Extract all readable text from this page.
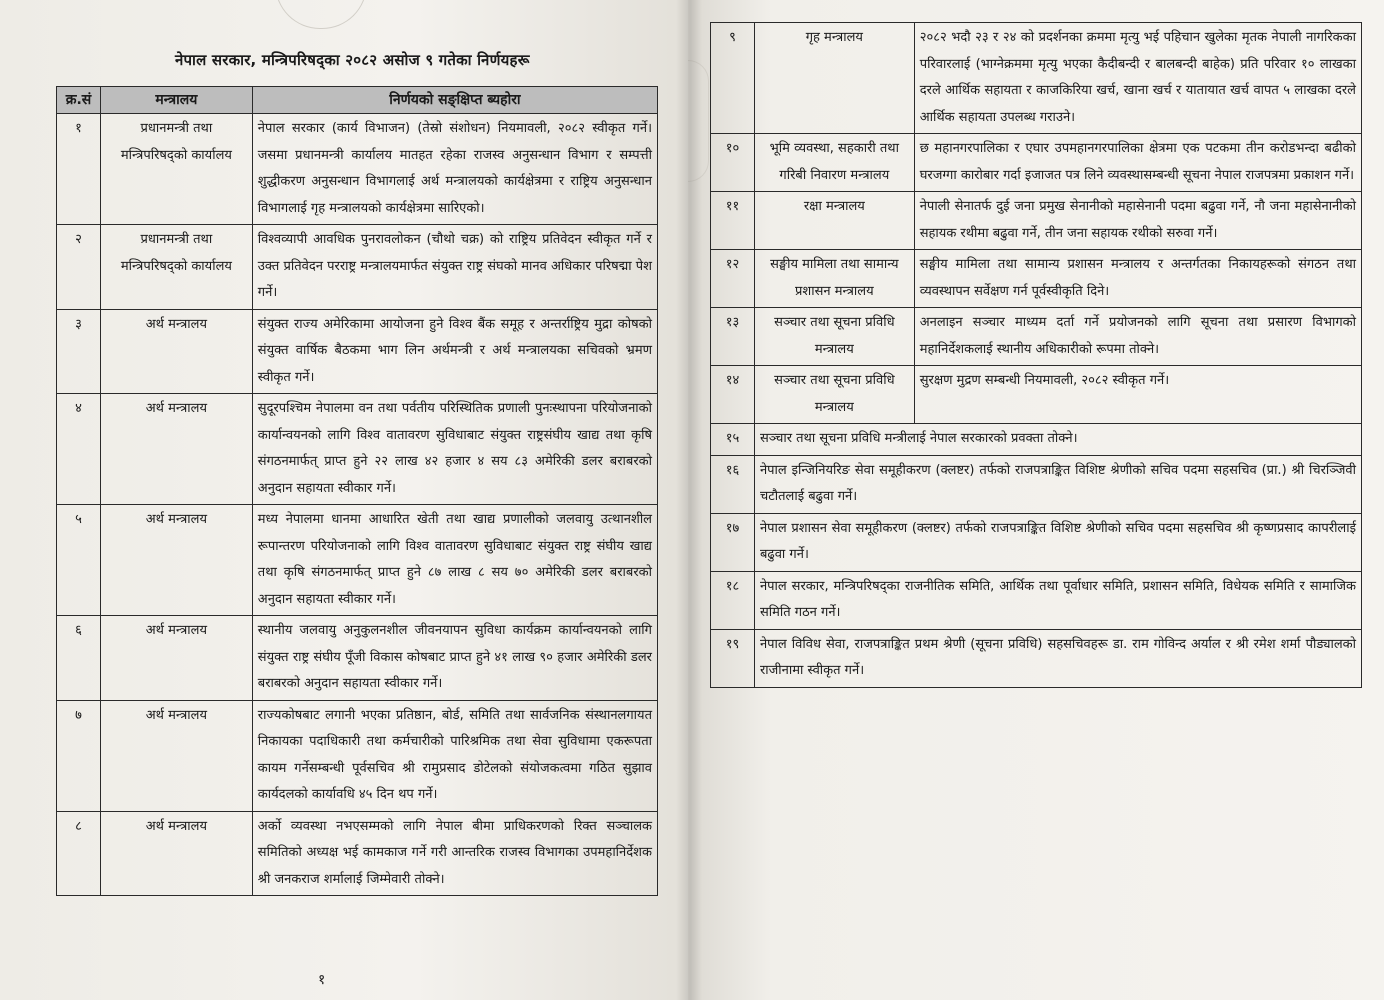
नेपाल सरकार, मन्त्रिपरिषद्का २०८२ असोज ९ गतेका निर्णयहरू
क्र.सं	मन्त्रालय	निर्णयको सङ्क्षिप्त ब्यहोरा
१	प्रधानमन्त्री तथा मन्त्रिपरिषद्को कार्यालय	नेपाल सरकार (कार्य विभाजन) (तेस्रो संशोधन) नियमावली, २०८२ स्वीकृत गर्ने। जसमा प्रधानमन्त्री कार्यालय मातहत रहेका राजस्व अनुसन्धान विभाग र सम्पत्ती शुद्धीकरण अनुसन्धान विभागलाई अर्थ मन्त्रालयको कार्यक्षेत्रमा र राष्ट्रिय अनुसन्धान विभागलाई गृह मन्त्रालयको कार्यक्षेत्रमा सारिएको।
२	प्रधानमन्त्री तथा मन्त्रिपरिषद्को कार्यालय	विश्वव्यापी आवधिक पुनरावलोकन (चौथो चक्र) को राष्ट्रिय प्रतिवेदन स्वीकृत गर्ने र उक्त प्रतिवेदन परराष्ट्र मन्त्रालयमार्फत संयुक्त राष्ट्र संघको मानव अधिकार परिषद्मा पेश गर्ने।
३	अर्थ मन्त्रालय	संयुक्त राज्य अमेरिकामा आयोजना हुने विश्व बैंक समूह र अन्तर्राष्ट्रिय मुद्रा कोषको संयुक्त वार्षिक बैठकमा भाग लिन अर्थमन्त्री र अर्थ मन्त्रालयका सचिवको भ्रमण स्वीकृत गर्ने।
४	अर्थ मन्त्रालय	सुदूरपश्चिम नेपालमा वन तथा पर्वतीय परिस्थितिक प्रणाली पुनःस्थापना परियोजनाको कार्यान्वयनको लागि विश्व वातावरण सुविधाबाट संयुक्त राष्ट्रसंघीय खाद्य तथा कृषि संगठनमार्फत् प्राप्त हुने २२ लाख ४२ हजार ४ सय ८३ अमेरिकी डलर बराबरको अनुदान सहायता स्वीकार गर्ने।
५	अर्थ मन्त्रालय	मध्य नेपालमा धानमा आधारित खेती तथा खाद्य प्रणालीको जलवायु उत्थानशील रूपान्तरण परियोजनाको लागि विश्व वातावरण सुविधाबाट संयुक्त राष्ट्र संघीय खाद्य तथा कृषि संगठनमार्फत् प्राप्त हुने ८७ लाख ८ सय ७० अमेरिकी डलर बराबरको अनुदान सहायता स्वीकार गर्ने।
६	अर्थ मन्त्रालय	स्थानीय जलवायु अनुकुलनशील जीवनयापन सुविधा कार्यक्रम कार्यान्वयनको लागि संयुक्त राष्ट्र संघीय पूँजी विकास कोषबाट प्राप्त हुने ४१ लाख ९० हजार अमेरिकी डलर बराबरको अनुदान सहायता स्वीकार गर्ने।
७	अर्थ मन्त्रालय	राज्यकोषबाट लगानी भएका प्रतिष्ठान, बोर्ड, समिति तथा सार्वजनिक संस्थानलगायत निकायका पदाधिकारी तथा कर्मचारीको पारिश्रमिक तथा सेवा सुविधामा एकरूपता कायम गर्नेसम्बन्धी पूर्वसचिव श्री रामुप्रसाद डोटेलको संयोजकत्वमा गठित सुझाव कार्यदलको कार्यावधि ४५ दिन थप गर्ने।
८	अर्थ मन्त्रालय	अर्को व्यवस्था नभएसम्मको लागि नेपाल बीमा प्राधिकरणको रिक्त सञ्चालक समितिको अध्यक्ष भई कामकाज गर्ने गरी आन्तरिक राजस्व विभागका उपमहानिर्देशक श्री जनकराज शर्मालाई जिम्मेवारी तोक्ने।
१
९	गृह मन्त्रालय	२०८२ भदौ २३ र २४ को प्रदर्शनका क्रममा मृत्यु भई पहिचान खुलेका मृतक नेपाली नागरिकका परिवारलाई (भाग्नेक्रममा मृत्यु भएका कैदीबन्दी र बालबन्दी बाहेक) प्रति परिवार १० लाखका दरले आर्थिक सहायता र काजकिरिया खर्च, खाना खर्च र यातायात खर्च वापत ५ लाखका दरले आर्थिक सहायता उपलब्ध गराउने।
१०	भूमि व्यवस्था, सहकारी तथा गरिबी निवारण मन्त्रालय	छ महानगरपालिका र एघार उपमहानगरपालिका क्षेत्रमा एक पटकमा तीन करोडभन्दा बढीको घरजग्गा कारोबार गर्दा इजाजत पत्र लिने व्यवस्थासम्बन्धी सूचना नेपाल राजपत्रमा प्रकाशन गर्ने।
११	रक्षा मन्त्रालय	नेपाली सेनातर्फ दुई जना प्रमुख सेनानीको महासेनानी पदमा बढुवा गर्ने, नौ जना महासेनानीको सहायक रथीमा बढुवा गर्ने, तीन जना सहायक रथीको सरुवा गर्ने।
१२	सङ्घीय मामिला तथा सामान्य प्रशासन मन्त्रालय	सङ्घीय मामिला तथा सामान्य प्रशासन मन्त्रालय र अन्तर्गतका निकायहरूको संगठन तथा व्यवस्थापन सर्वेक्षण गर्न पूर्वस्वीकृति दिने।
१३	सञ्चार तथा सूचना प्रविधि मन्त्रालय	अनलाइन सञ्चार माध्यम दर्ता गर्ने प्रयोजनको लागि सूचना तथा प्रसारण विभागको महानिर्देशकलाई स्थानीय अधिकारीको रूपमा तोक्ने।
१४	सञ्चार तथा सूचना प्रविधि मन्त्रालय	सुरक्षण मुद्रण सम्बन्धी नियमावली, २०८२ स्वीकृत गर्ने।
१५	सञ्चार तथा सूचना प्रविधि मन्त्रीलाई नेपाल सरकारको प्रवक्ता तोक्ने।	
१६	नेपाल इन्जिनियरिङ सेवा समूहीकरण (क्लष्टर) तर्फको राजपत्राङ्कित विशिष्ट श्रेणीको सचिव पदमा सहसचिव (प्रा.) श्री चिरञ्जिवी चटौतलाई बढुवा गर्ने।	
१७	नेपाल प्रशासन सेवा समूहीकरण (क्लष्टर) तर्फको राजपत्राङ्कित विशिष्ट श्रेणीको सचिव पदमा सहसचिव श्री कृष्णप्रसाद कापरीलाई बढुवा गर्ने।	
१८	नेपाल सरकार, मन्त्रिपरिषद्का राजनीतिक समिति, आर्थिक तथा पूर्वाधार समिति, प्रशासन समिति, विधेयक समिति र सामाजिक समिति गठन गर्ने।	
१९	नेपाल विविध सेवा, राजपत्राङ्कित प्रथम श्रेणी (सूचना प्रविधि) सहसचिवहरू डा. राम गोविन्द अर्याल र श्री रमेश शर्मा पौड्यालको राजीनामा स्वीकृत गर्ने।	
